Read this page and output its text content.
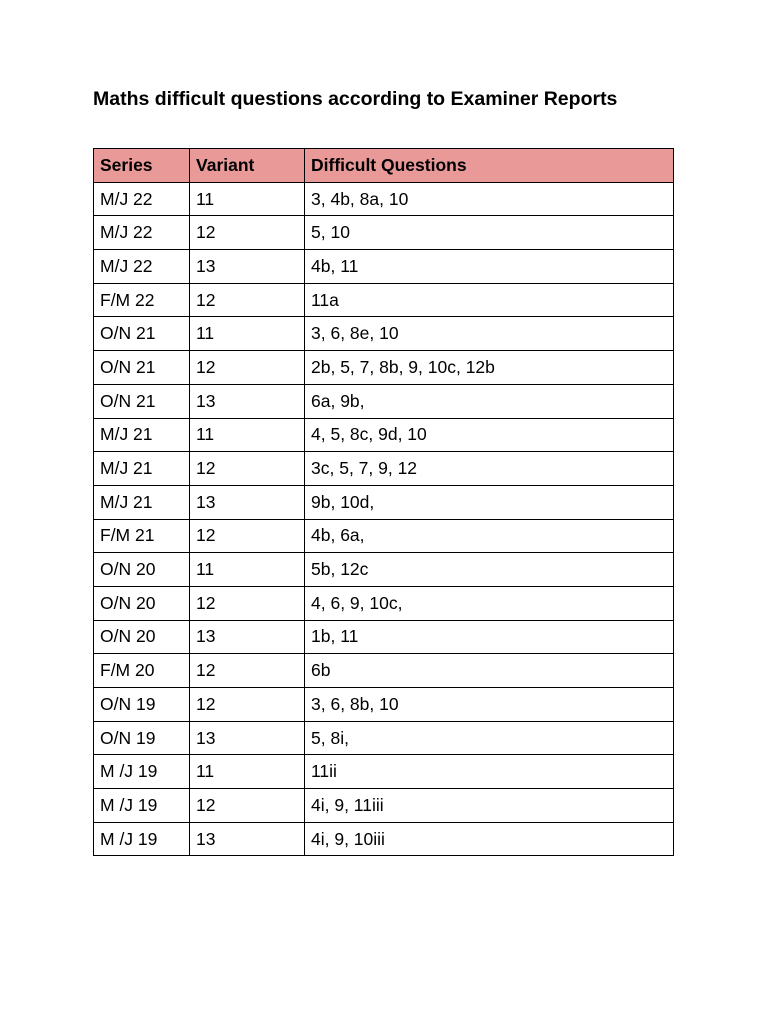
Maths difficult questions according to Examiner Reports
Series	Variant	Difficult Questions
M/J 22	11	3, 4b, 8a, 10
M/J 22	12	5, 10
M/J 22	13	4b, 11
F/M 22	12	11a
O/N 21	11	3, 6, 8e, 10
O/N 21	12	2b, 5, 7, 8b, 9, 10c, 12b
O/N 21	13	6a, 9b,
M/J 21	11	4, 5, 8c, 9d, 10
M/J 21	12	3c, 5, 7, 9, 12
M/J 21	13	9b, 10d,
F/M 21	12	4b, 6a,
O/N 20	11	5b, 12c
O/N 20	12	4, 6, 9, 10c,
O/N 20	13	1b, 11
F/M 20	12	6b
O/N 19	12	3, 6, 8b, 10
O/N 19	13	5, 8i,
M /J 19	11	11ii
M /J 19	12	4i, 9, 11iii
M /J 19	13	4i, 9, 10iii
